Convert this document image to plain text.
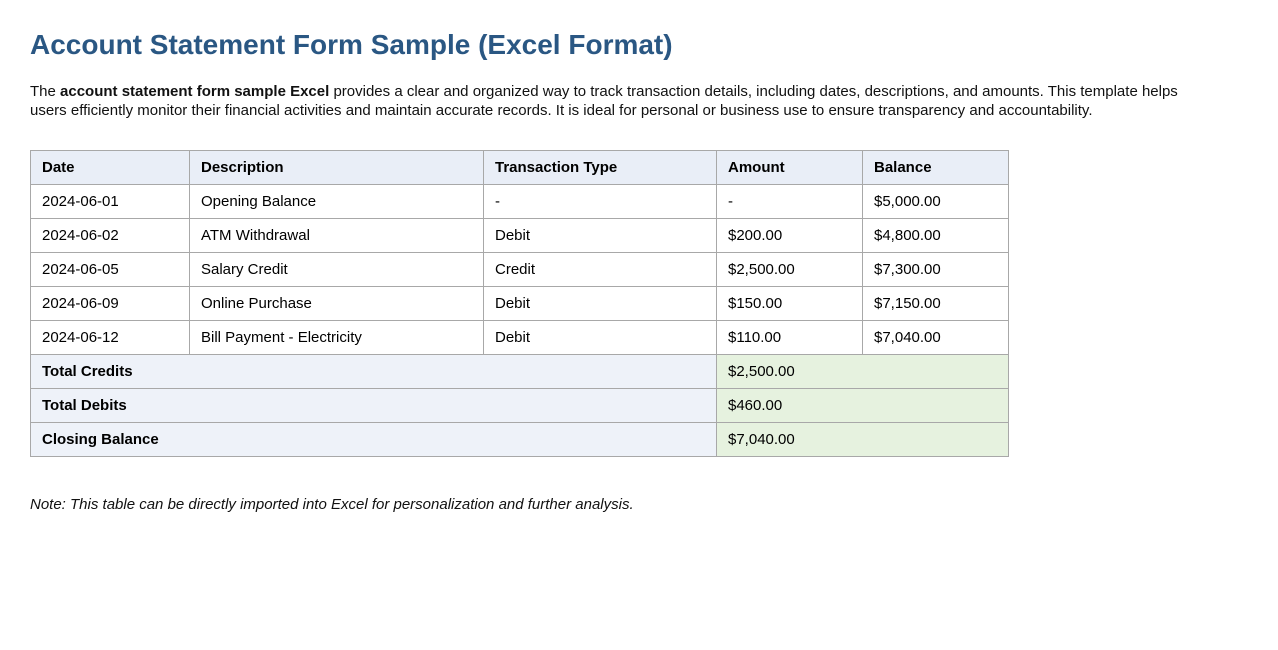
Account Statement Form Sample (Excel Format)

The account statement form sample Excel provides a clear and organized way to track transaction details, including dates, descriptions, and amounts. This template helps users efficiently monitor their financial activities and maintain accurate records. It is ideal for personal or business use to ensure transparency and accountability.

Date	Description	Transaction Type	Amount	Balance
2024-06-01	Opening Balance	-	-	$5,000.00
2024-06-02	ATM Withdrawal	Debit	$200.00	$4,800.00
2024-06-05	Salary Credit	Credit	$2,500.00	$7,300.00
2024-06-09	Online Purchase	Debit	$150.00	$7,150.00
2024-06-12	Bill Payment - Electricity	Debit	$110.00	$7,040.00
Total Credits			$2,500.00	
Total Debits			$460.00	
Closing Balance			$7,040.00	

Note: This table can be directly imported into Excel for personalization and further analysis.
